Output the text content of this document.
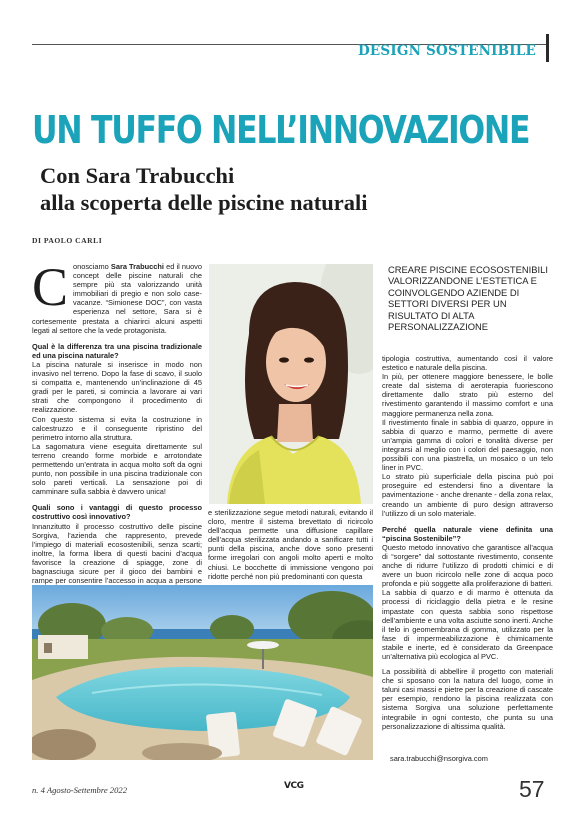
DESIGN SOSTENIBILE
UN TUFFO NELL’INNOVAZIONE
Con Sara Trabucchi
alla scoperta delle piscine naturali
DI PAOLO CARLI

Conosciamo Sara Trabucchi ed il nuovo concept delle piscine naturali che sempre più sta valorizzando unità immobiliari di pregio e non solo case-vacanze. “Simionese DOC”, con vasta esperienza nel settore, Sara si è cortesemente prestata a chiarirci alcuni aspetti legati al settore che la vede protagonista.

Qual è la differenza tra una piscina tradizionale ed una piscina naturale?

La piscina naturale si inserisce in modo non invasivo nel terreno. Dopo la fase di scavo, il suolo si compatta e, mantenendo un’inclinazione di 45 gradi per le pareti, si comincia a lavorare ai vari strati che compongono il procedimento di realizzazione.

Con questo sistema si evita la costruzione in calcestruzzo e il conseguente ripristino del perimetro intorno alla struttura.

La sagomatura viene eseguita direttamente sul terreno creando forme morbide e arrotondate permettendo un’entrata in acqua molto soft da ogni punto, non possibile in una piscina tradizionale con solo pareti verticali. La sensazione poi di camminare sulla sabbia è davvero unica!

Quali sono i vantaggi di questo processo costruttivo così innovativo?

Innanzitutto il processo costruttivo delle piscine Sorgiva, l’azienda che rappresento, prevede l’impiego di materiali ecosostenibili, senza scarti; inoltre, la forma libera di questi bacini d’acqua favorisce la creazione di spiagge, zone di bagnasciuga sicure per il gioco dei bambini e rampe per consentire l’accesso in acqua a persone

CREARE PISCINE ECOSOSTENIBILI VALORIZZANDONE L’ESTETICA E COINVOLGENDO AZIENDE DI SETTORI DIVERSI PER UN RISULTATO DI ALTA PERSONALIZZAZIONE

e sterilizzazione segue metodi naturali, evitando il cloro, mentre il sistema brevettato di ricircolo dell’acqua permette una diffusione capillare dell’acqua sterilizzata andando a sanificare tutti i punti della piscina, anche dove sono presenti forme irregolari con angoli molto aperti e molto chiusi. Le bocchette di immissione vengono poi ridotte perché non più predominanti con questa

tipologia costruttiva, aumentando così il valore estetico e naturale della piscina.

In più, per ottenere maggiore benessere, le bolle create dal sistema di aeroterapia fuoriescono direttamente dallo strato più esterno del rivestimento garantendo il massimo comfort e una maggiore permanenza nella zona.

Il rivestimento finale in sabbia di quarzo, oppure in sabbia di quarzo e marmo, permette di avere un’ampia gamma di colori e tonalità diverse per integrarsi al meglio con i colori del paesaggio, non possibili con una piastrella, un mosaico o un telo liner in PVC.

Lo strato più superficiale della piscina può poi proseguire ed estendersi fino a diventare la pavimentazione - anche drenante - della zona relax, creando un ambiente di puro design attraverso l’utilizzo di un solo materiale.

Perché quella naturale viene definita una “piscina Sostenibile”?

Questo metodo innovativo che garantisce all’acqua di “sorgere” dal sottostante rivestimento, consente anche di ridurre l’utilizzo di prodotti chimici e di avere un buon ricircolo nelle zone di acqua poco profonda e più soggette alla proliferazione di batteri. La sabbia di quarzo e di marmo è ottenuta da processi di riciclaggio della pietra e le resine impastate con questa sabbia sono rispettose dell’ambiente e una volta asciutte sono inerti. Anche il telo in geomembrana di gomma, utilizzato per la fase di impermeabilizzazione è chimicamente stabile e inerte, ed è considerato da Greenpace un’alternativa più ecologica al PVC.

La possibilità di abbellire il progetto con materiali che si sposano con la natura del luogo, come in taluni casi massi e pietre per la creazione di cascate per esempio, rendono la piscina realizzata con sistema Sorgiva una soluzione perfettamente integrabile in ogni contesto, che punta su una personalizzazione di altissima qualità.

sara.trabucchi@nsorgiva.com
n. 4 Agosto-Settembre 2022	VCG	57
